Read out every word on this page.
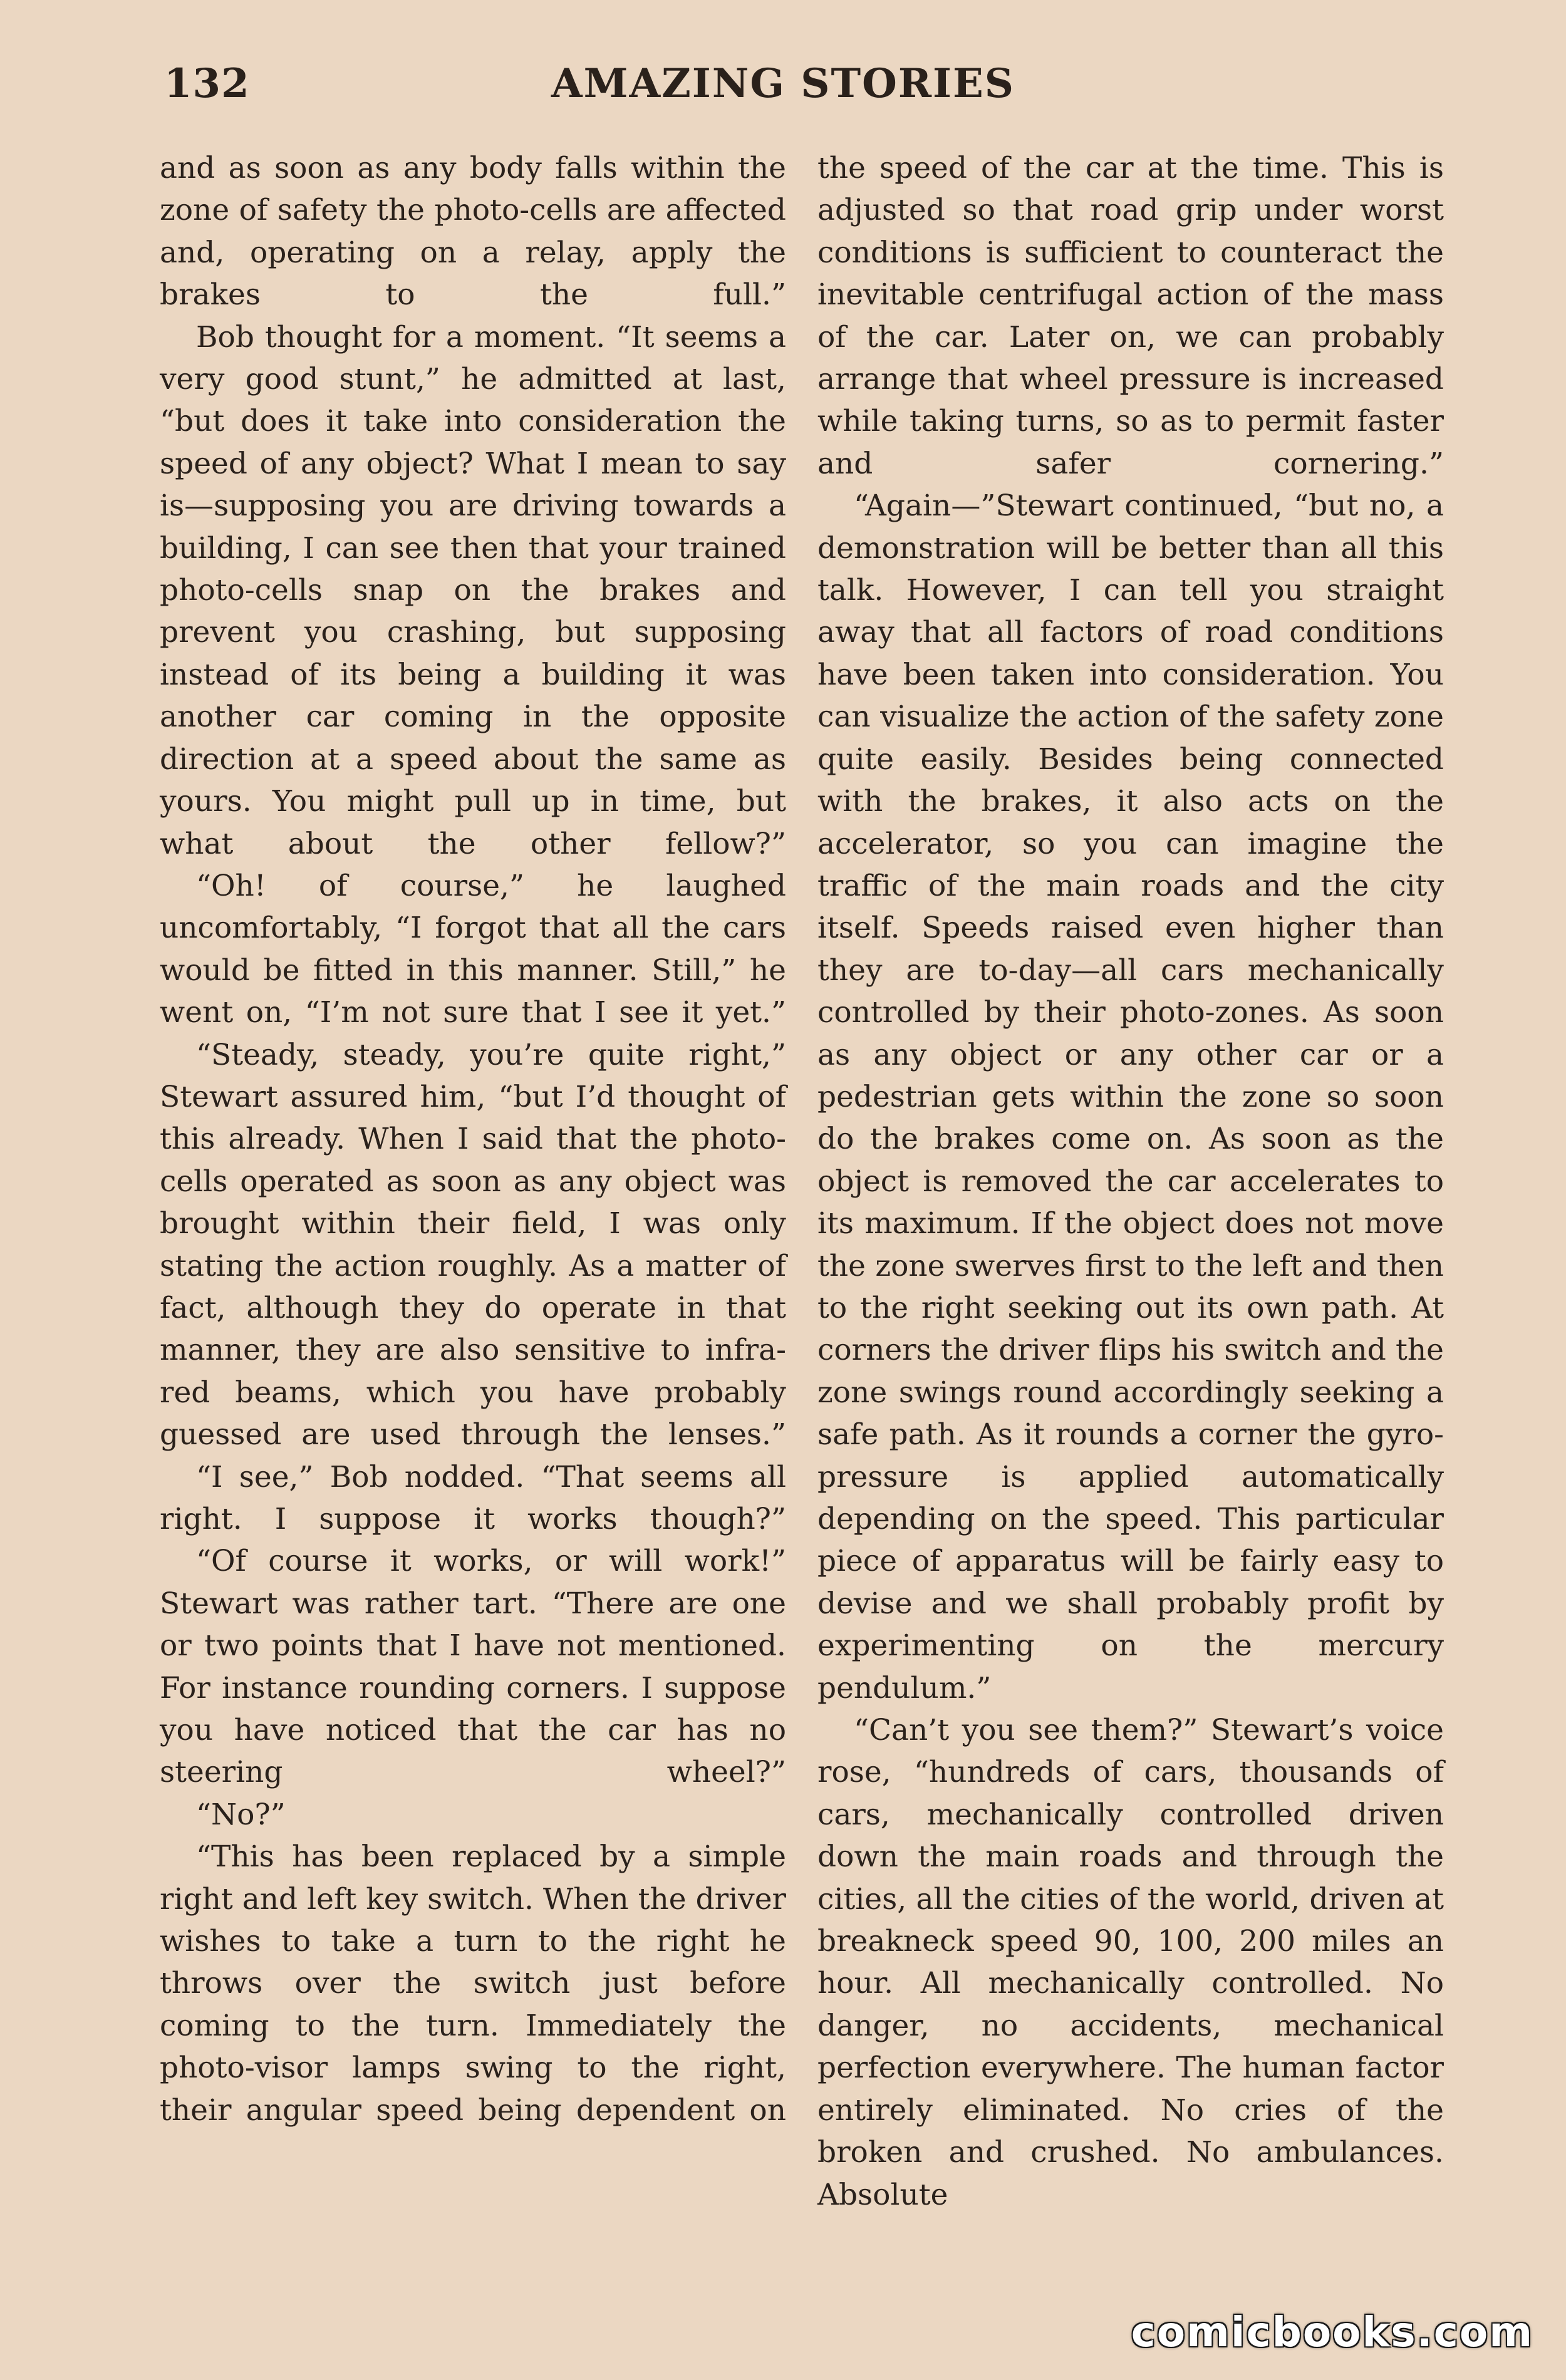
132	AMAZING STORIES

and as soon as any body falls within the zone of safety the photo-cells are affected and, operating on a relay, apply the brakes to the full.”

Bob thought for a moment. “It seems a very good stunt,” he admitted at last, “but does it take into consideration the speed of any object? What I mean to say is—supposing you are driving towards a building, I can see then that your trained photo-cells snap on the brakes and prevent you crashing, but supposing instead of its being a building it was another car coming in the opposite direction at a speed about the same as yours. You might pull up in time, but what about the other fellow?”

“Oh! of course,” he laughed uncomfortably, “I forgot that all the cars would be fitted in this manner. Still,” he went on, “I’m not sure that I see it yet.”

“Steady, steady, you’re quite right,” Stewart assured him, “but I’d thought of this already. When I said that the photo-cells operated as soon as any object was brought within their field, I was only stating the action roughly. As a matter of fact, although they do operate in that manner, they are also sensitive to infra-red beams, which you have probably guessed are used through the lenses.”

“I see,” Bob nodded. “That seems all right. I suppose it works though?”

“Of course it works, or will work!” Stewart was rather tart. “There are one or two points that I have not mentioned. For instance rounding corners. I suppose you have noticed that the car has no steering wheel?”

“No?”

“This has been replaced by a simple right and left key switch. When the driver wishes to take a turn to the right he throws over the switch just before coming to the turn. Immediately the photo-visor lamps swing to the right, their angular speed being dependent on

the speed of the car at the time. This is adjusted so that road grip under worst conditions is sufficient to counteract the inevitable centrifugal action of the mass of the car. Later on, we can probably arrange that wheel pressure is increased while taking turns, so as to permit faster and safer cornering.”

“Again—”Stewart continued, “but no, a demonstration will be better than all this talk. However, I can tell you straight away that all factors of road conditions have been taken into consideration. You can visualize the action of the safety zone quite easily. Besides being connected with the brakes, it also acts on the accelerator, so you can imagine the traffic of the main roads and the city itself. Speeds raised even higher than they are to-day—all cars mechanically controlled by their photo-zones. As soon as any object or any other car or a pedestrian gets within the zone so soon do the brakes come on. As soon as the object is removed the car accelerates to its maximum. If the object does not move the zone swerves first to the left and then to the right seeking out its own path. At corners the driver flips his switch and the zone swings round accordingly seeking a safe path. As it rounds a corner the gyro-pressure is applied automatically depending on the speed. This particular piece of apparatus will be fairly easy to devise and we shall probably profit by experimenting on the mercury pendulum.”

“Can’t you see them?” Stewart’s voice rose, “hundreds of cars, thousands of cars, mechanically controlled driven down the main roads and through the cities, all the cities of the world, driven at breakneck speed 90, 100, 200 miles an hour. All mechanically controlled. No danger, no accidents, mechanical perfection everywhere. The human factor entirely eliminated. No cries of the broken and crushed. No ambulances. Absolute

comicbooks.com
